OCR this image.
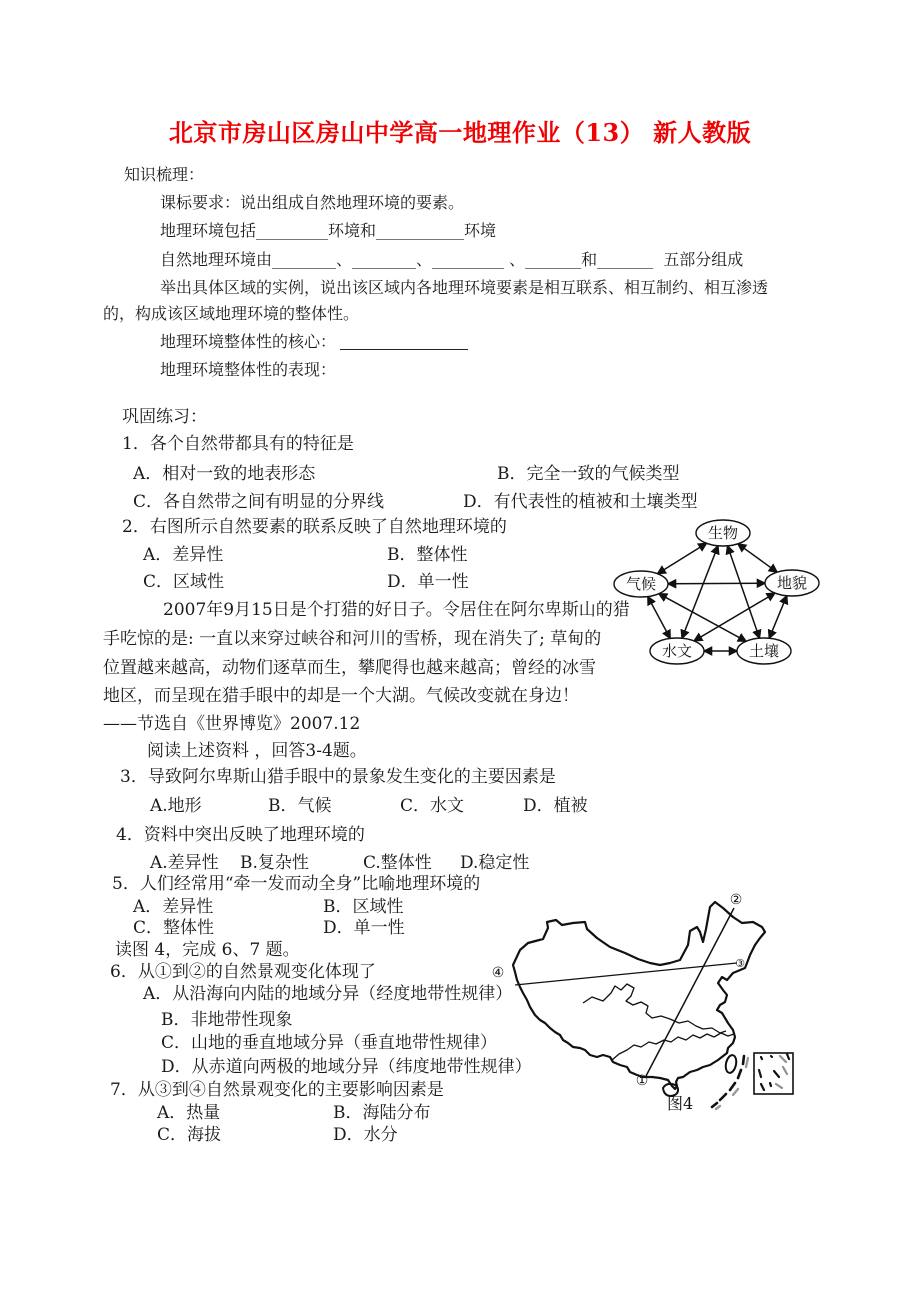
北京市房山区房山中学高一地理作业（13） 新人教版
知识梳理：
课标要求：说出组成自然地理环境的要素。
地理环境包括_________环境和___________环境
自然地理环境由________、________、_________ 、_______和_______  五部分组成
举出具体区域的实例，说出该区域内各地理环境要素是相互联系、相互制约、相互渗透
的，构成该区域地理环境的整体性。
地理环境整体性的核心：
地理环境整体性的表现：
巩固练习：
1．各个自然带都具有的特征是
A．相对一致的地表形态	B．完全一致的气候类型
C．各自然带之间有明显的分界线	D．有代表性的植被和土壤类型
2．右图所示自然要素的联系反映了自然地理环境的
A．差异性	B．整体性
C．区域性	D．单一性
2007年9月15日是个打猎的好日子。令居住在阿尔卑斯山的猎
手吃惊的是: 一直以来穿过峡谷和河川的雪桥，现在消失了; 草甸的
位置越来越高，动物们逐草而生，攀爬得也越来越高；曾经的冰雪
地区，而呈现在猎手眼中的却是一个大湖。气候改变就在身边！
——节选自《世界博览》2007.12
阅读上述资料 ，回答3-4题。
3．导致阿尔卑斯山猎手眼中的景象发生变化的主要因素是
A.地形	B．气候	C．水文	D．植被
4．资料中突出反映了地理环境的
A.差异性 B.复杂性	C.整体性 D.稳定性
5．人们经常用“牵一发而动全身”比喻地理环境的
A．差异性	B．区域性
C．整体性	D．单一性
读图 4，完成 6、7 题。
6．从①到②的自然景观变化体现了
A．从沿海向内陆的地域分异（经度地带性规律）
B．非地带性现象
C．山地的垂直地域分异（垂直地带性规律）
D．从赤道向两极的地域分异（纬度地带性规律）
7．从③到④自然景观变化的主要影响因素是
A．热量	B．海陆分布
C．海拔	D．水分
生物
气候	地貌
水文	土壤
①
②
④
③
图4
